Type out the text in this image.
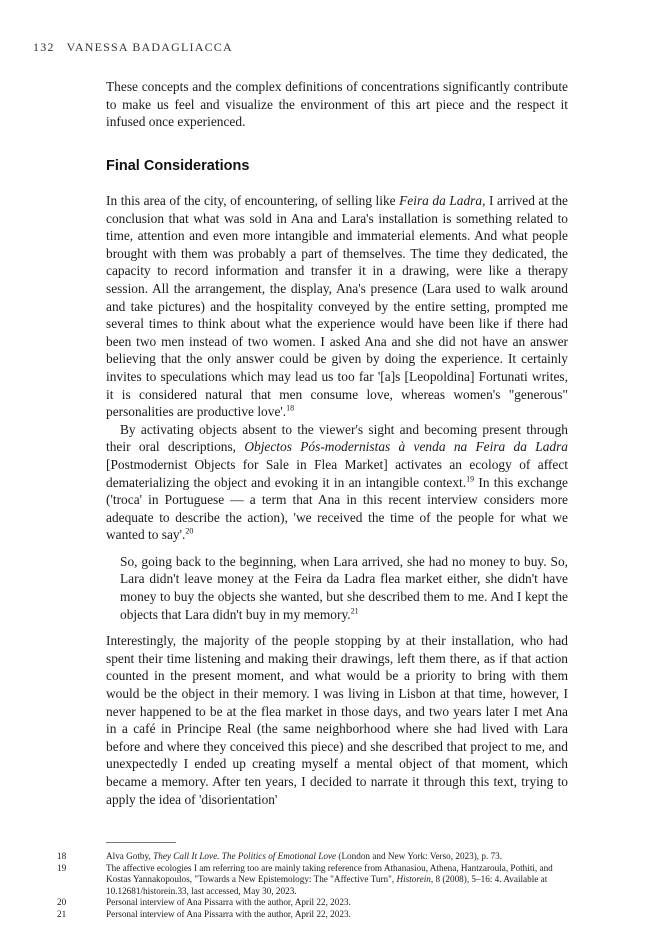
132 VANESSA BADAGLIACCA

These concepts and the complex definitions of concentrations significantly contribute to make us feel and visualize the environment of this art piece and the respect it infused once experienced.

Final Considerations

In this area of the city, of encountering, of selling like Feira da Ladra, I arrived at the conclusion that what was sold in Ana and Lara's installation is something related to time, attention and even more intangible and immaterial elements. And what people brought with them was probably a part of themselves. The time they dedicated, the capacity to record information and transfer it in a drawing, were like a therapy session. All the arrangement, the display, Ana's presence (Lara used to walk around and take pictures) and the hospitality conveyed by the entire setting, prompted me several times to think about what the experience would have been like if there had been two men instead of two women. I asked Ana and she did not have an answer believing that the only answer could be given by doing the experience. It certainly invites to speculations which may lead us too far '[a]s [Leopoldina] Fortunati writes, it is considered natural that men consume love, whereas women's "generous" personalities are productive love'.$^{18}$

By activating objects absent to the viewer's sight and becoming present through their oral descriptions, Objectos Pós-modernistas à venda na Feira da Ladra [Postmodernist Objects for Sale in Flea Market] activates an ecology of affect dematerializing the object and evoking it in an intangible context.$^{19}$ In this exchange ('troca' in Portuguese — a term that Ana in this recent interview considers more adequate to describe the action), 'we received the time of the people for what we wanted to say'.$^{20}$

So, going back to the beginning, when Lara arrived, she had no money to buy. So, Lara didn't leave money at the Feira da Ladra flea market either, she didn't have money to buy the objects she wanted, but she described them to me. And I kept the objects that Lara didn't buy in my memory.$^{21}$

Interestingly, the majority of the people stopping by at their installation, who had spent their time listening and making their drawings, left them there, as if that action counted in the present moment, and what would be a priority to bring with them would be the object in their memory. I was living in Lisbon at that time, however, I never happened to be at the flea market in those days, and two years later I met Ana in a café in Principe Real (the same neighborhood where she had lived with Lara before and where they conceived this piece) and she described that project to me, and unexpectedly I ended up creating myself a mental object of that moment, which became a memory. After ten years, I decided to narrate it through this text, trying to apply the idea of 'disorientation'

18	Alva Gotby, They Call It Love. The Politics of Emotional Love (London and New York: Verso, 2023), p. 73.
19	The affective ecologies I am referring too are mainly taking reference from Athanasiou, Athena, Hantzaroula, Pothiti, and Kostas Yannakopoulos, "Towards a New Epistemology: The "Affective Turn", Historein, 8 (2008), 5–16: 4. Available at 10.12681/historein.33, last accessed, May 30, 2023.
20	Personal interview of Ana Pissarra with the author, April 22, 2023.
21	Personal interview of Ana Pissarra with the author, April 22, 2023.
